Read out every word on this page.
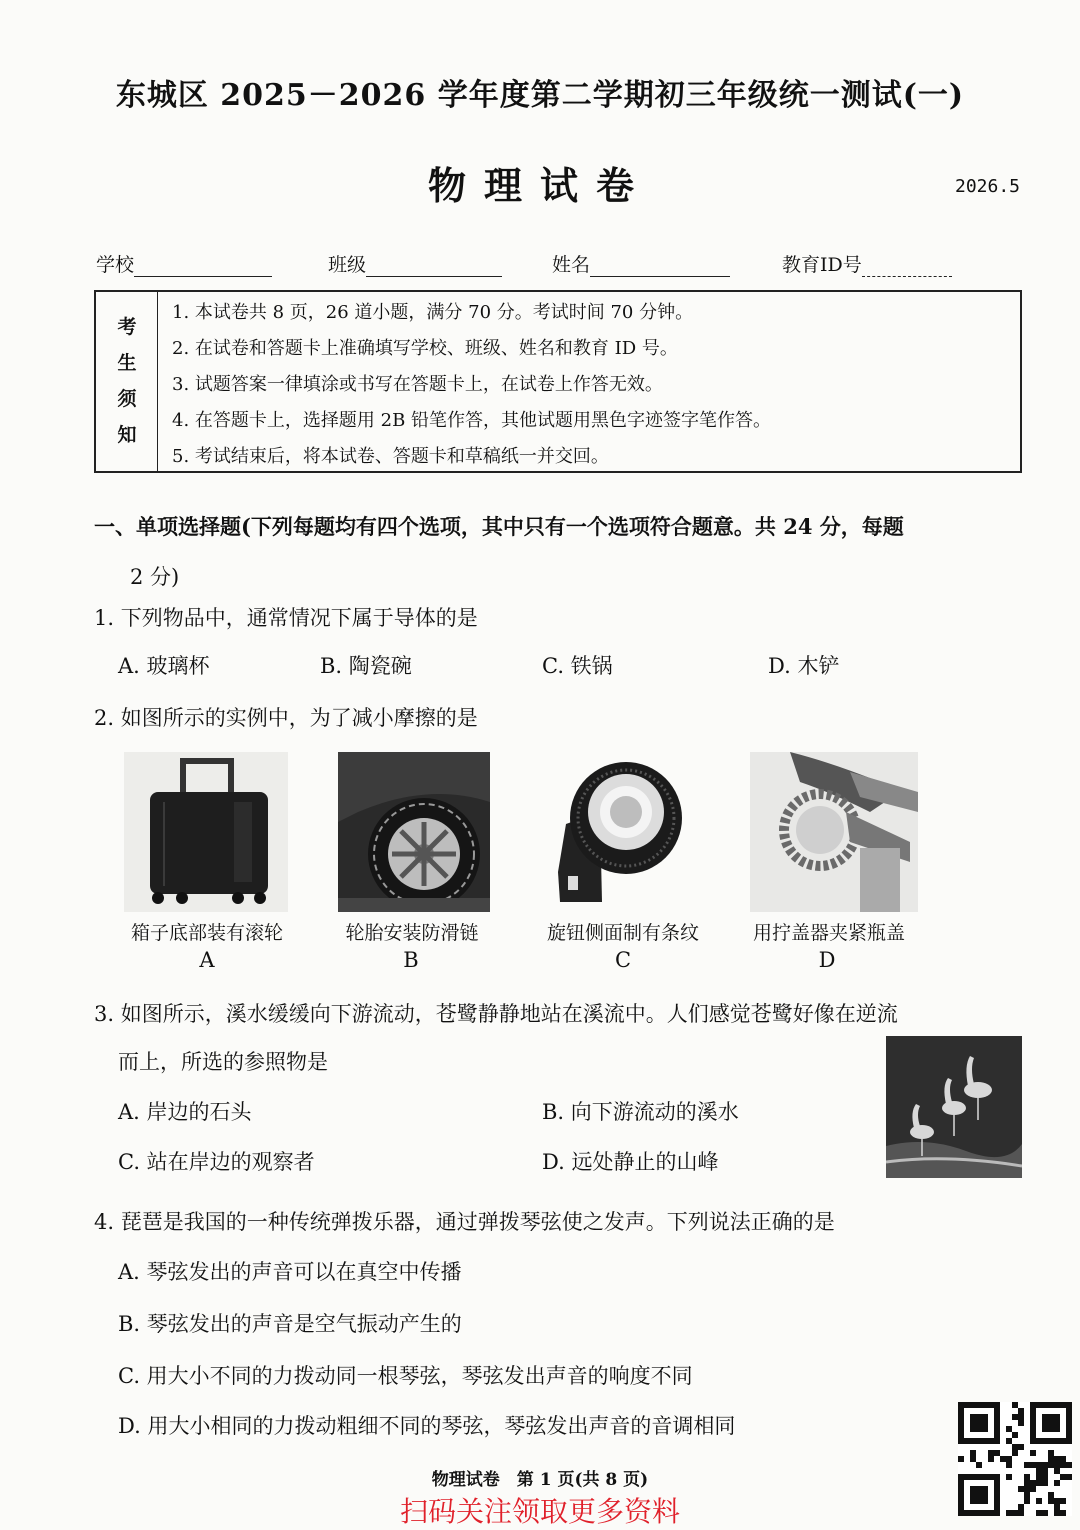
东城区 2025－2026 学年度第二学期初三年级统一测试(一)
物理试卷	2026.5
学校	班级	姓名	教育ID号
考
生
须
知
1. 本试卷共 8 页，26 道小题，满分 70 分。考试时间 70 分钟。
2. 在试卷和答题卡上准确填写学校、班级、姓名和教育 ID 号。
3. 试题答案一律填涂或书写在答题卡上，在试卷上作答无效。
4. 在答题卡上，选择题用 2B 铅笔作答，其他试题用黑色字迹签字笔作答。
5. 考试结束后，将本试卷、答题卡和草稿纸一并交回。
一、单项选择题(下列每题均有四个选项，其中只有一个选项符合题意。共 24 分，每题
2 分)
1. 下列物品中，通常情况下属于导体的是
A. 玻璃杯	B. 陶瓷碗	C. 铁锅	D. 木铲
2. 如图所示的实例中，为了减小摩擦的是
箱子底部装有滚轮	轮胎安装防滑链	旋钮侧面制有条纹	用拧盖器夹紧瓶盖
A	B	C	D
3. 如图所示，溪水缓缓向下游流动，苍鹭静静地站在溪流中。人们感觉苍鹭好像在逆流
而上，所选的参照物是
A. 岸边的石头	B. 向下游流动的溪水
C. 站在岸边的观察者	D. 远处静止的山峰
4. 琵琶是我国的一种传统弹拨乐器，通过弹拨琴弦使之发声。下列说法正确的是
A. 琴弦发出的声音可以在真空中传播
B. 琴弦发出的声音是空气振动产生的
C. 用大小不同的力拨动同一根琴弦，琴弦发出声音的响度不同
D. 用大小相同的力拨动粗细不同的琴弦，琴弦发出声音的音调相同
物理试卷　第 1 页(共 8 页)
扫码关注领取更多资料
